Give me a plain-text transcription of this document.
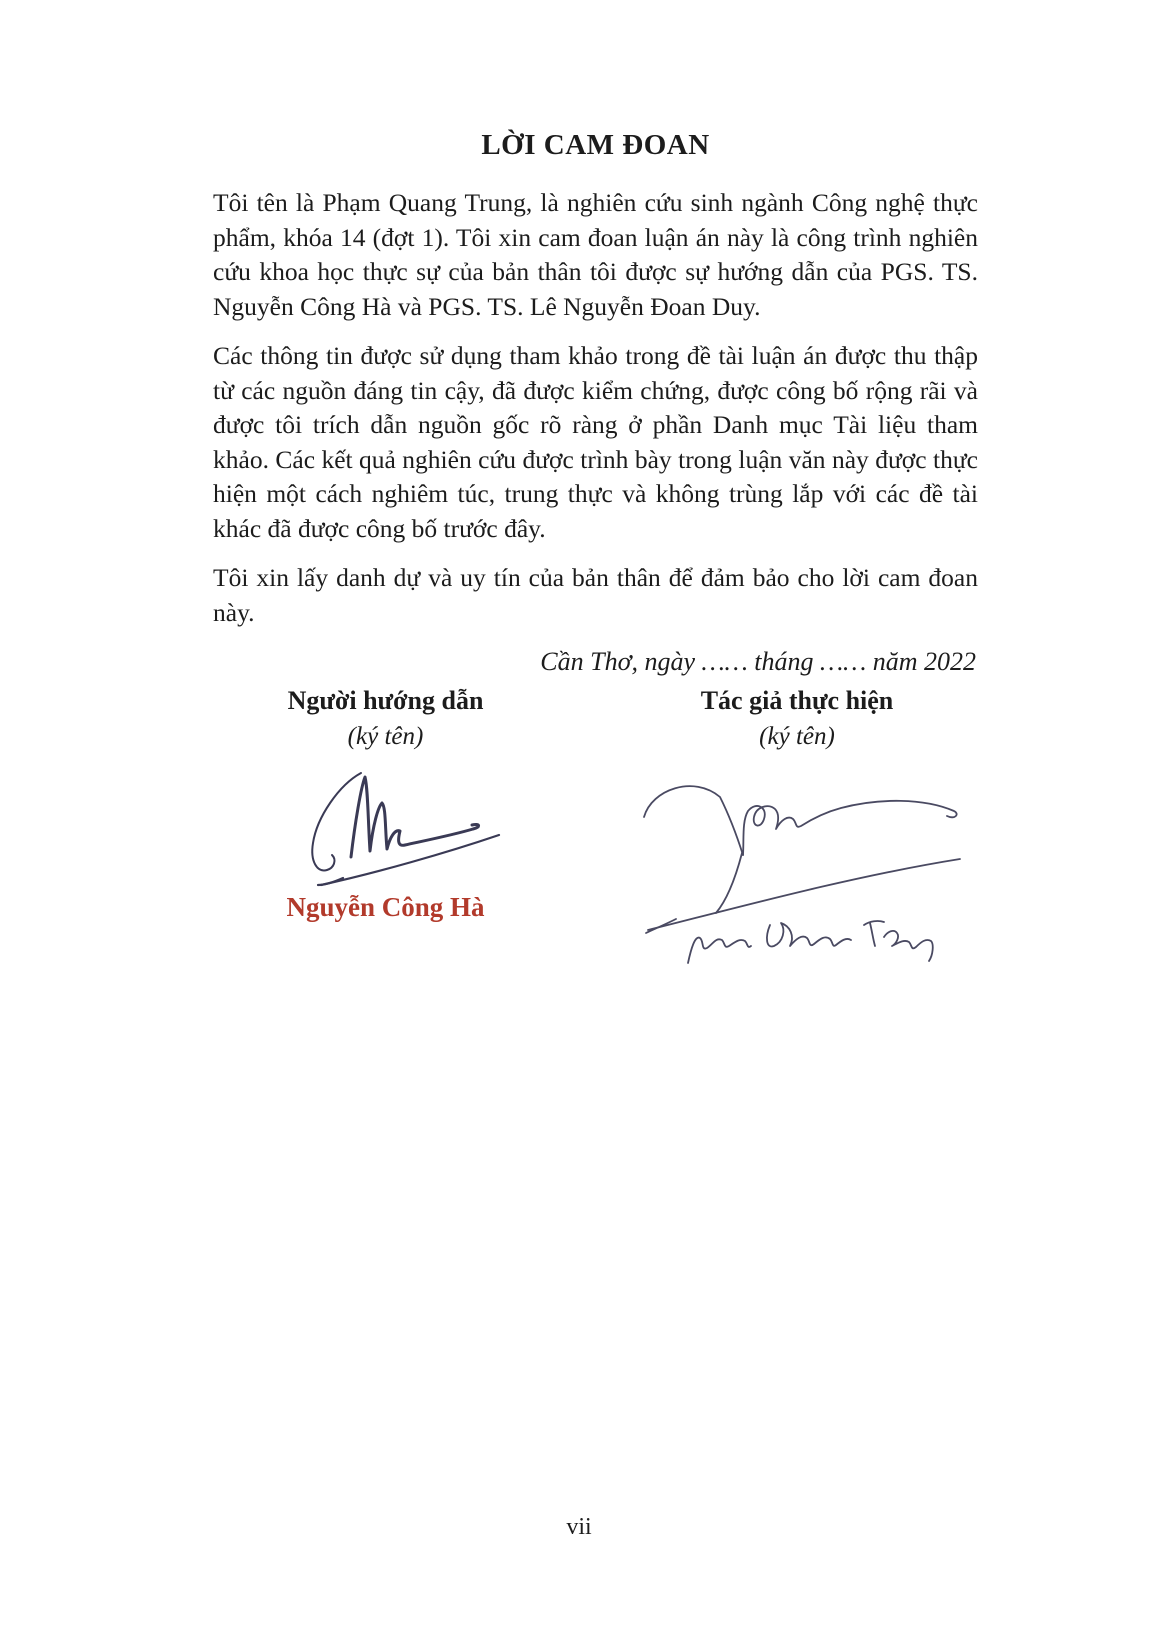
LỜI CAM ĐOAN

Tôi tên là Phạm Quang Trung, là nghiên cứu sinh ngành Công nghệ thực phẩm, khóa 14 (đợt 1). Tôi xin cam đoan luận án này là công trình nghiên cứu khoa học thực sự của bản thân tôi được sự hướng dẫn của PGS. TS. Nguyễn Công Hà và PGS. TS. Lê Nguyễn Đoan Duy.

Các thông tin được sử dụng tham khảo trong đề tài luận án được thu thập từ các nguồn đáng tin cậy, đã được kiểm chứng, được công bố rộng rãi và được tôi trích dẫn nguồn gốc rõ ràng ở phần Danh mục Tài liệu tham khảo. Các kết quả nghiên cứu được trình bày trong luận văn này được thực hiện một cách nghiêm túc, trung thực và không trùng lắp với các đề tài khác đã được công bố trước đây.

Tôi xin lấy danh dự và uy tín của bản thân để đảm bảo cho lời cam đoan này.

Cần Thơ, ngày …… tháng …… năm 2022
Người hướng dẫn
(ký tên)
Nguyễn Công Hà
Tác giả thực hiện
(ký tên)
vii
